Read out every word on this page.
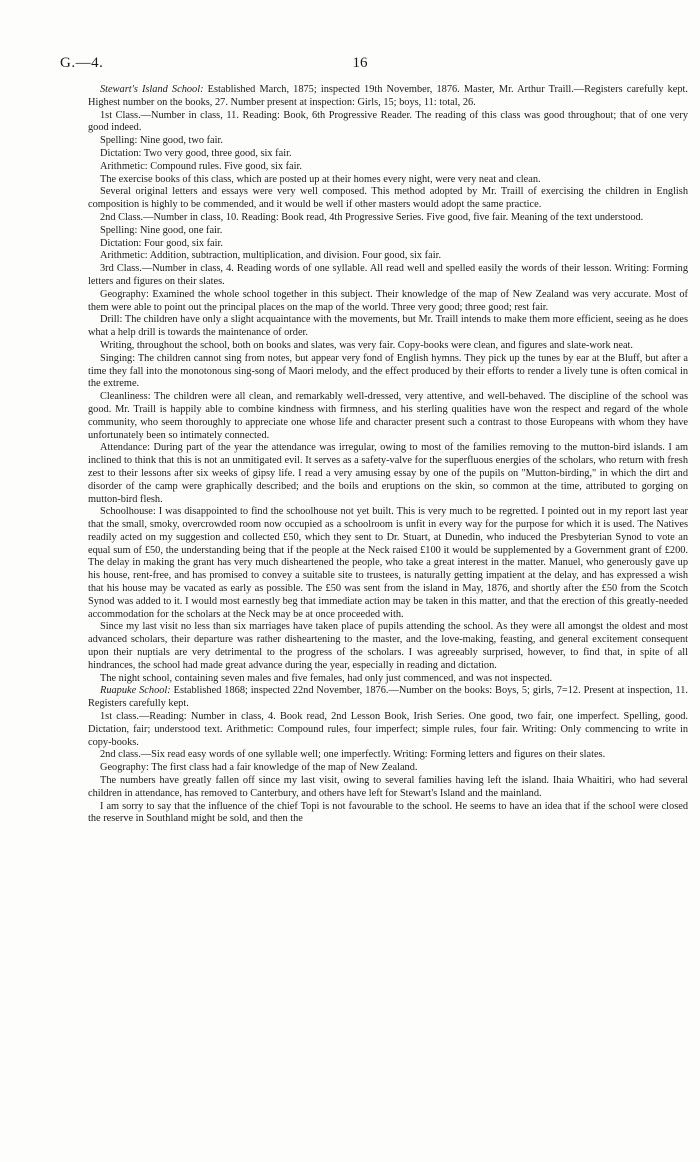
G.—4.	16

Stewart's Island School: Established March, 1875; inspected 19th November, 1876. Master, Mr. Arthur Traill.—Registers carefully kept. Highest number on the books, 27. Number present at inspection: Girls, 15; boys, 11: total, 26.

1st Class.—Number in class, 11. Reading: Book, 6th Progressive Reader. The reading of this class was good throughout; that of one very good indeed.

Spelling: Nine good, two fair.

Dictation: Two very good, three good, six fair.

Arithmetic: Compound rules. Five good, six fair.

The exercise books of this class, which are posted up at their homes every night, were very neat and clean.

Several original letters and essays were very well composed. This method adopted by Mr. Traill of exercising the children in English composition is highly to be commended, and it would be well if other masters would adopt the same practice.

2nd Class.—Number in class, 10. Reading: Book read, 4th Progressive Series. Five good, five fair. Meaning of the text understood.

Spelling: Nine good, one fair.

Dictation: Four good, six fair.

Arithmetic: Addition, subtraction, multiplication, and division. Four good, six fair.

3rd Class.—Number in class, 4. Reading words of one syllable. All read well and spelled easily the words of their lesson. Writing: Forming letters and figures on their slates.

Geography: Examined the whole school together in this subject. Their knowledge of the map of New Zealand was very accurate. Most of them were able to point out the principal places on the map of the world. Three very good; three good; rest fair.

Drill: The children have only a slight acquaintance with the movements, but Mr. Traill intends to make them more efficient, seeing as he does what a help drill is towards the maintenance of order.

Writing, throughout the school, both on books and slates, was very fair. Copy-books were clean, and figures and slate-work neat.

Singing: The children cannot sing from notes, but appear very fond of English hymns. They pick up the tunes by ear at the Bluff, but after a time they fall into the monotonous sing-song of Maori melody, and the effect produced by their efforts to render a lively tune is often comical in the extreme.

Cleanliness: The children were all clean, and remarkably well-dressed, very attentive, and well-behaved. The discipline of the school was good. Mr. Traill is happily able to combine kindness with firmness, and his sterling qualities have won the respect and regard of the whole community, who seem thoroughly to appreciate one whose life and character present such a contrast to those Europeans with whom they have unfortunately been so intimately connected.

Attendance: During part of the year the attendance was irregular, owing to most of the families removing to the mutton-bird islands. I am inclined to think that this is not an unmitigated evil. It serves as a safety-valve for the superfluous energies of the scholars, who return with fresh zest to their lessons after six weeks of gipsy life. I read a very amusing essay by one of the pupils on "Mutton-birding," in which the dirt and disorder of the camp were graphically described; and the boils and eruptions on the skin, so common at the time, attributed to gorging on mutton-bird flesh.

Schoolhouse: I was disappointed to find the schoolhouse not yet built. This is very much to be regretted. I pointed out in my report last year that the small, smoky, overcrowded room now occupied as a schoolroom is unfit in every way for the purpose for which it is used. The Natives readily acted on my suggestion and collected £50, which they sent to Dr. Stuart, at Dunedin, who induced the Presbyterian Synod to vote an equal sum of £50, the understanding being that if the people at the Neck raised £100 it would be supplemented by a Government grant of £200. The delay in making the grant has very much disheartened the people, who take a great interest in the matter. Manuel, who generously gave up his house, rent-free, and has promised to convey a suitable site to trustees, is naturally getting impatient at the delay, and has expressed a wish that his house may be vacated as early as possible. The £50 was sent from the island in May, 1876, and shortly after the £50 from the Scotch Synod was added to it. I would most earnestly beg that immediate action may be taken in this matter, and that the erection of this greatly-needed accommodation for the scholars at the Neck may be at once proceeded with.

Since my last visit no less than six marriages have taken place of pupils attending the school. As they were all amongst the oldest and most advanced scholars, their departure was rather disheartening to the master, and the love-making, feasting, and general excitement consequent upon their nuptials are very detrimental to the progress of the scholars. I was agreeably surprised, however, to find that, in spite of all hindrances, the school had made great advance during the year, especially in reading and dictation.

The night school, containing seven males and five females, had only just commenced, and was not inspected.

Ruapuke School: Established 1868; inspected 22nd November, 1876.—Number on the books: Boys, 5; girls, 7=12. Present at inspection, 11. Registers carefully kept.

1st class.—Reading: Number in class, 4. Book read, 2nd Lesson Book, Irish Series. One good, two fair, one imperfect. Spelling, good. Dictation, fair; understood text. Arithmetic: Compound rules, four imperfect; simple rules, four fair. Writing: Only commencing to write in copy-books.

2nd class.—Six read easy words of one syllable well; one imperfectly. Writing: Forming letters and figures on their slates.

Geography: The first class had a fair knowledge of the map of New Zealand.

The numbers have greatly fallen off since my last visit, owing to several families having left the island. Ihaia Whaitiri, who had several children in attendance, has removed to Canterbury, and others have left for Stewart's Island and the mainland.

I am sorry to say that the influence of the chief Topi is not favourable to the school. He seems to have an idea that if the school were closed the reserve in Southland might be sold, and then the
